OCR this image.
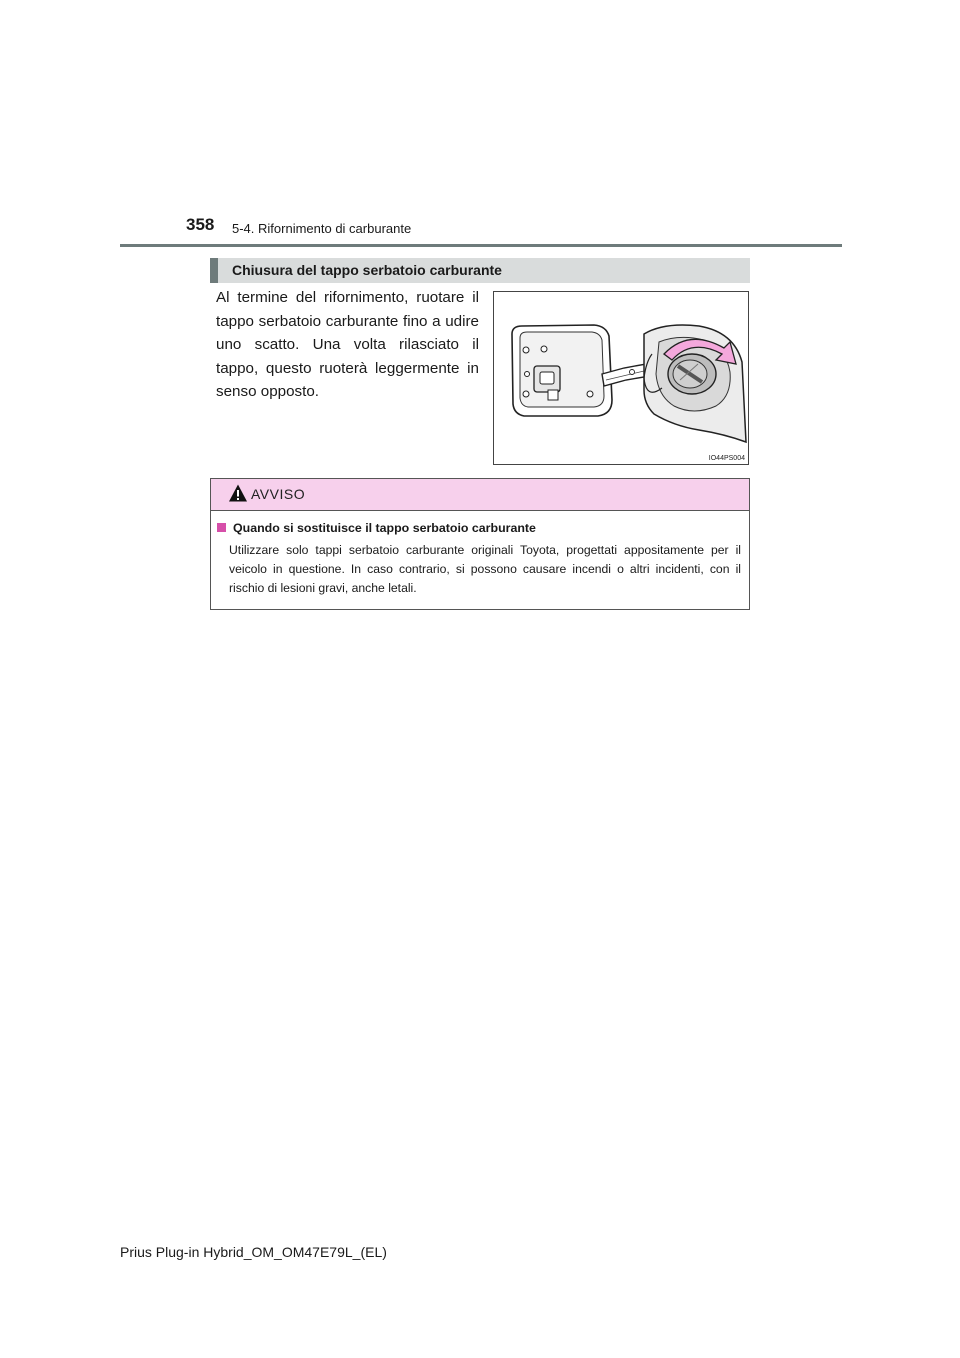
358 5-4. Rifornimento di carburante
Chiusura del tappo serbatoio carburante
Al termine del rifornimento, ruotare il tappo serbatoio carburante fino a udire uno scatto. Una volta rilasciato il tappo, questo ruoterà leggermente in senso opposto.
IO44PS004
AVVISO
Quando si sostituisce il tappo serbatoio carburante
Utilizzare solo tappi serbatoio carburante originali Toyota, progettati appositamente per il veicolo in questione. In caso contrario, si possono causare incendi o altri incidenti, con il rischio di lesioni gravi, anche letali.
Prius Plug-in Hybrid_OM_OM47E79L_(EL)
